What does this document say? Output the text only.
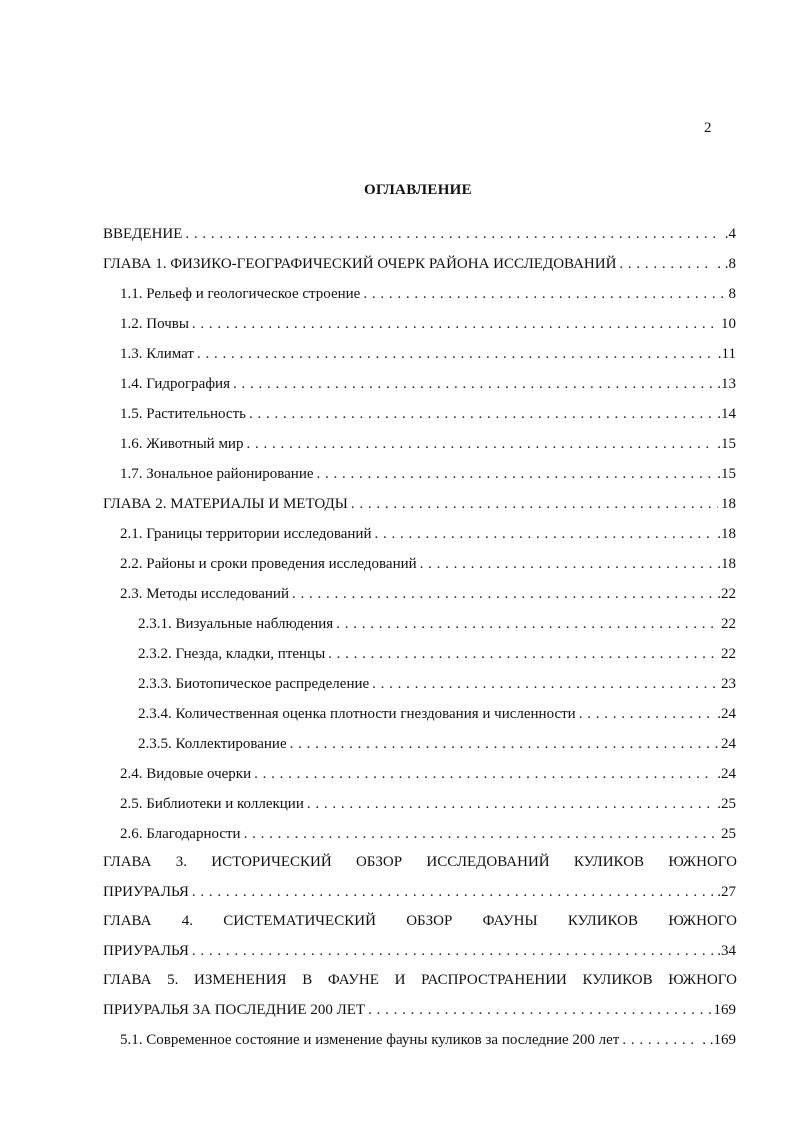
2
ОГЛАВЛЕНИЕ
ВВЕДЕНИЕ . . .	.4
ГЛАВА 1. ФИЗИКО-ГЕОГРАФИЧЕСКИЙ ОЧЕРК РАЙОНА ИССЛЕДОВАНИЙ . . .	. .8
1.1. Рельеф и геологическое строение . . .	8
1.2. Почвы . . .	10
1.3. Климат . . .	.11
1.4. Гидрография . . .	.13
1.5. Растительность . . .	.14
1.6. Животный мир . . .	.15
1.7. Зональное районирование . . .	.15
ГЛАВА 2. МАТЕРИАЛЫ И МЕТОДЫ . . .	18
2.1. Границы территории исследований . . .	.18
2.2. Районы и сроки проведения исследований . . .	.18
2.3. Методы исследований . . .	.22
2.3.1. Визуальные наблюдения . . .	22
2.3.2. Гнезда, кладки, птенцы . . .	22
2.3.3. Биотопическое распределение . . .	23
2.3.4. Количественная оценка плотности гнездования и численности . . .	.24
2.3.5. Коллектирование . . .	24
2.4. Видовые очерки . . .	.24
2.5. Библиотеки и коллекции . . .	.25
2.6. Благодарности . . .	25
ГЛАВА 3. ИСТОРИЧЕСКИЙ ОБЗОР ИССЛЕДОВАНИЙ КУЛИКОВ ЮЖНОГО
ПРИУРАЛЬЯ . . .	.27
ГЛАВА 4. СИСТЕМАТИЧЕСКИЙ ОБЗОР ФАУНЫ КУЛИКОВ ЮЖНОГО
ПРИУРАЛЬЯ . . .	.34
ГЛАВА 5. ИЗМЕНЕНИЯ В ФАУНЕ И РАСПРОСТРАНЕНИИ КУЛИКОВ ЮЖНОГО
ПРИУРАЛЬЯ ЗА ПОСЛЕДНИЕ 200 ЛЕТ . . .	169
5.1. Современное состояние и изменение фауны куликов за последние 200 лет . . .	. .169
